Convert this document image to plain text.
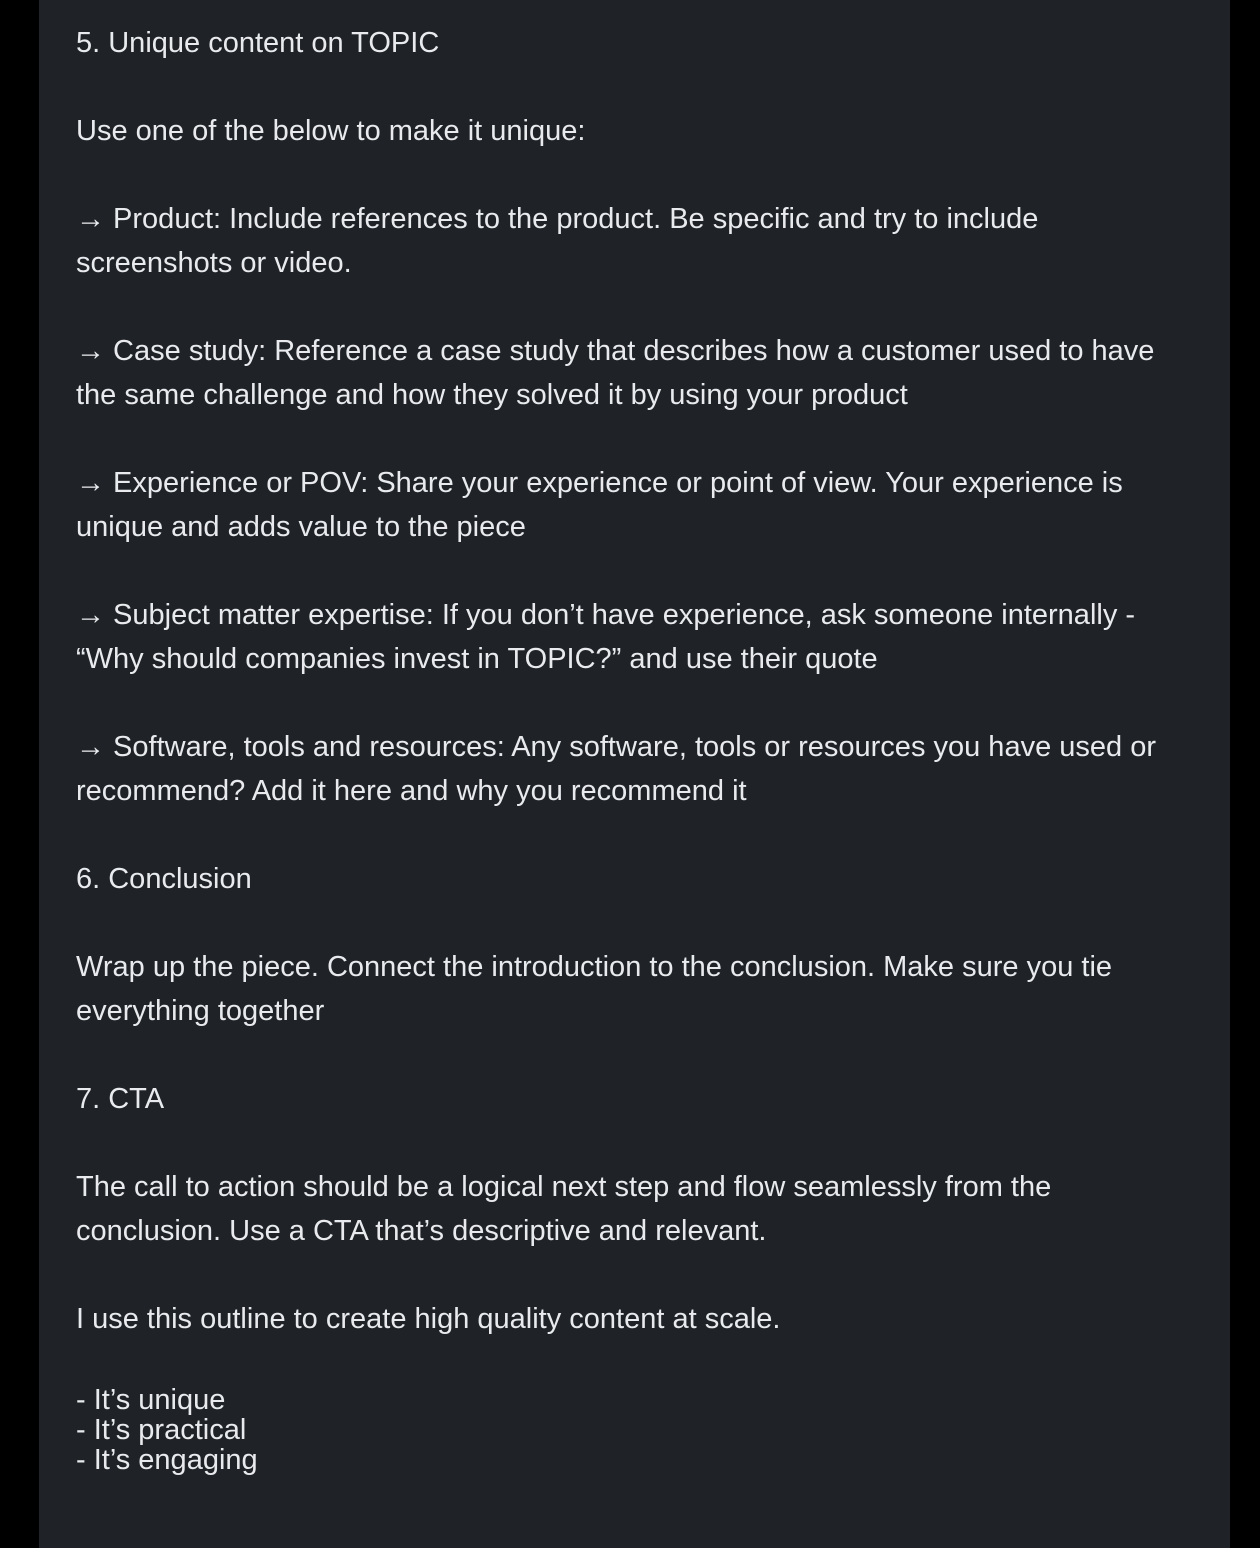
5. Unique content on TOPIC

Use one of the below to make it unique:

→ Product: Include references to the product. Be specific and try to include screenshots or video.

→ Case study: Reference a case study that describes how a customer used to have the same challenge and how they solved it by using your product

→ Experience or POV: Share your experience or point of view. Your experience is unique and adds value to the piece

→ Subject matter expertise: If you don’t have experience, ask someone internally - “Why should companies invest in TOPIC?” and use their quote

→ Software, tools and resources: Any software, tools or resources you have used or recommend? Add it here and why you recommend it

6. Conclusion

Wrap up the piece. Connect the introduction to the conclusion. Make sure you tie everything together

7. CTA

The call to action should be a logical next step and flow seamlessly from the conclusion. Use a CTA that’s descriptive and relevant.

I use this outline to create high quality content at scale.

- It’s unique
- It’s practical
- It’s engaging
